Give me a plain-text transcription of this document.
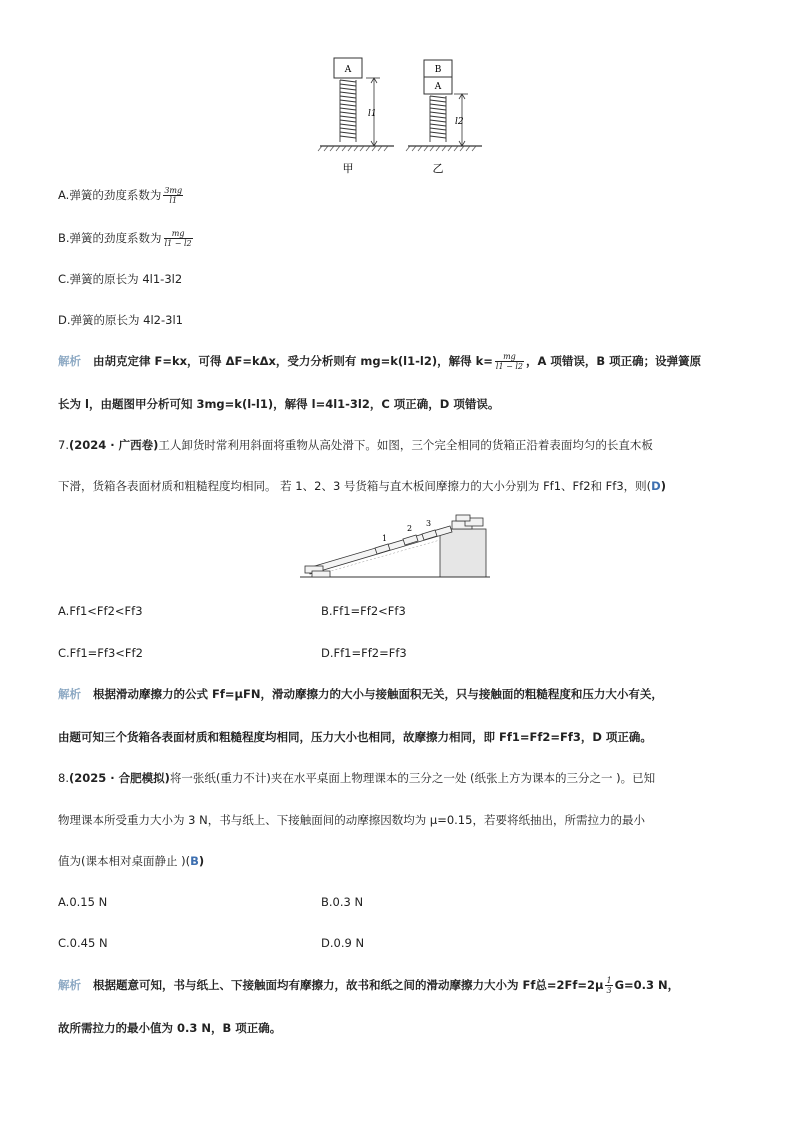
A
l1
甲
B
A
l2
乙
A.弹簧的劲度系数为 $\frac{3mg}{l1}$
B.弹簧的劲度系数为 $\frac{mg}{l1 - l2}$
C.弹簧的原长为 4l1-3l2
D.弹簧的原长为 4l2-3l1
解析 由胡克定律 F=kx，可得 ΔF=kΔx，受力分析则有 mg=k(l1-l2)，解得 $k= \frac{mg}{l1 - l2}$ ，A 项错误，B 项正确；设弹簧原
长为 l，由题图甲分析可知 3mg=k(l-l1)，解得 l=4l1-3l2，C 项正确，D 项错误。
7.(2024 · 广西卷)工人卸货时常利用斜面将重物从高处滑下。如图，三个完全相同的货箱正沿着表面均匀的长直木板
下滑，货箱各表面材质和粗糙程度均相同。 若 1、2、3 号货箱与直木板间摩擦力的大小分别为 Ff1、Ff2和 Ff3，则(D)
1
2
3
A.Ff1<Ff2<Ff3	B.Ff1=Ff2<Ff3
C.Ff1=Ff3<Ff2	D.Ff1=Ff2=Ff3
解析 根据滑动摩擦力的公式 Ff=μFN，滑动摩擦力的大小与接触面积无关，只与接触面的粗糙程度和压力大小有关，
由题可知三个货箱各表面材质和粗糙程度均相同，压力大小也相同，故摩擦力相同，即 Ff1=Ff2=Ff3，D 项正确。
8.(2025 · 合肥模拟)将一张纸(重力不计)夹在水平桌面上物理课本的三分之一处 (纸张上方为课本的三分之一 )。已知
物理课本所受重力大小为 3 N，书与纸上、下接触面间的动摩擦因数均为 μ=0.15，若要将纸抽出，所需拉力的最小
值为(课本相对桌面静止 )(B)
A.0.15 N	B.0.3 N
C.0.45 N	D.0.9 N
解析 根据题意可知，书与纸上、下接触面均有摩擦力，故书和纸之间的滑动摩擦力大小为 Ff总$=2Ff=2\mu \frac{1}{3} G=0.3$ N，
故所需拉力的最小值为 0.3 N，B 项正确。
